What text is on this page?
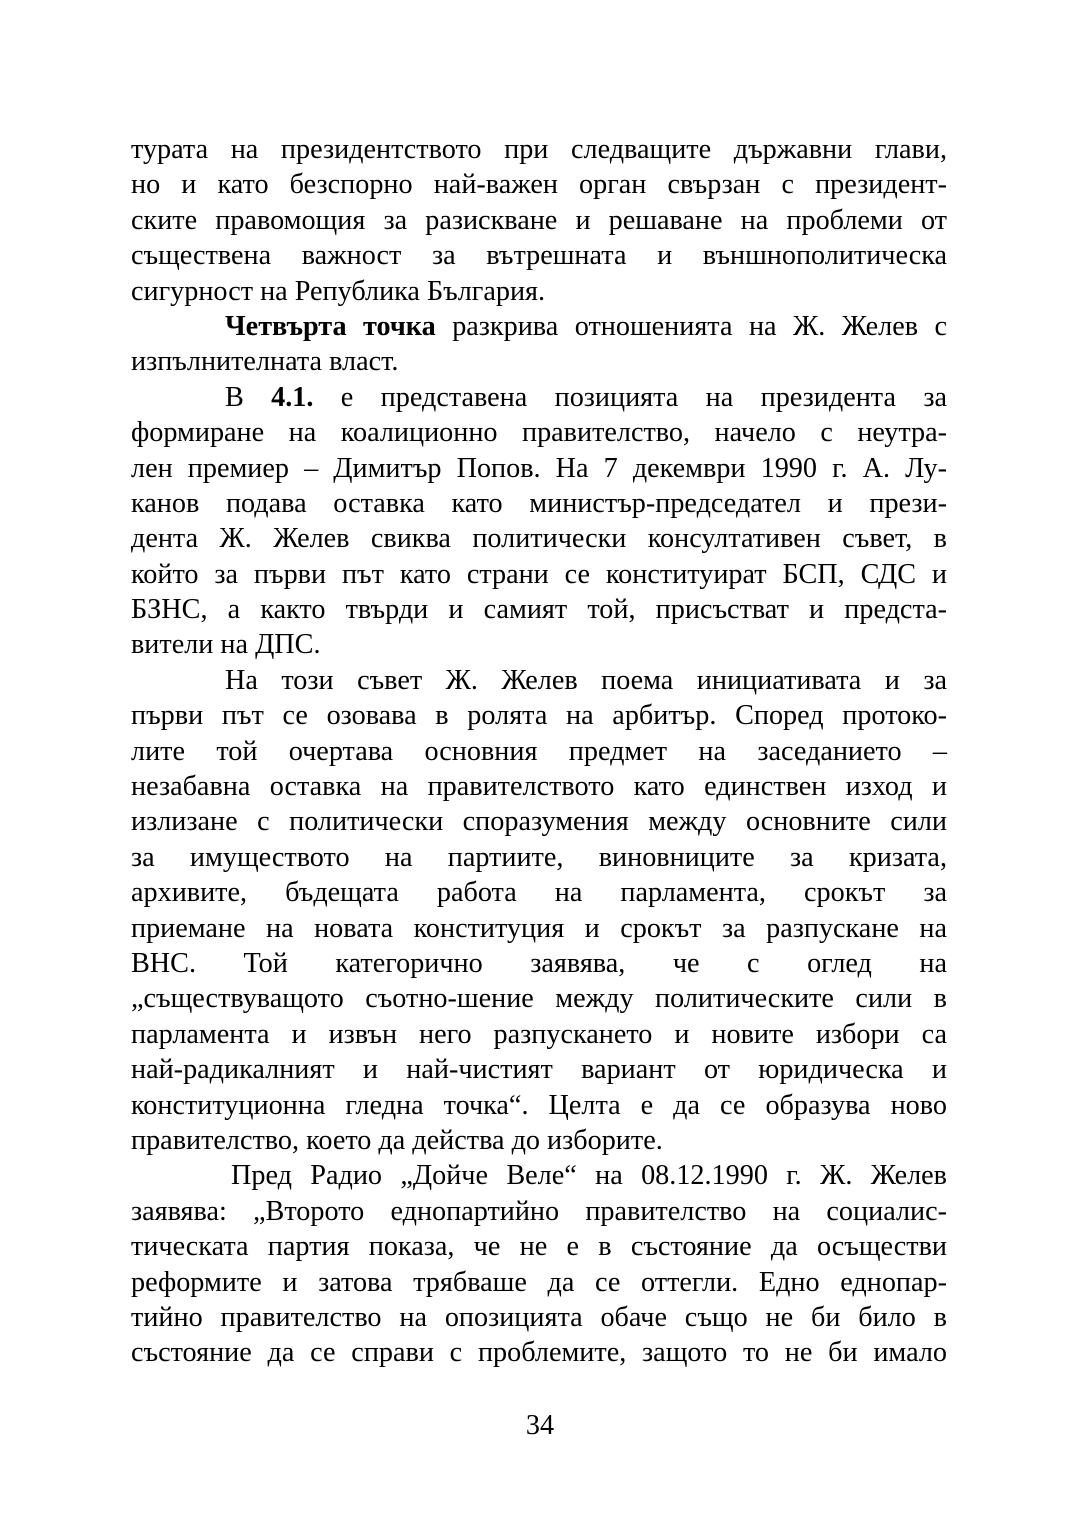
турата на президентството при следващите държавни глави,
но и като безспорно най-важен орган свързан с президент-
ските правомощия за разискване и решаване на проблеми от
съществена важност за вътрешната и външнополитическа
сигурност на Република България.
Четвърта точка разкрива отношенията на Ж. Желев с
изпълнителната власт.
В 4.1. е представена позицията на президента за
формиране на коалиционно правителство, начело с неутра-
лен премиер – Димитър Попов. На 7 декември 1990 г. А. Лу-
канов подава оставка като министър-председател и прези-
дента Ж. Желев свиква политически консултативен съвет, в
който за първи път като страни се конституират БСП, СДС и
БЗНС, а както твърди и самият той, присъстват и предста-
вители на ДПС.
На този съвет Ж. Желев поема инициативата и за
първи път се озовава в ролята на арбитър. Според протоко-
лите той очертава основния предмет на заседанието –
незабавна оставка на правителството като единствен изход и
излизане с политически споразумения между основните сили
за имуществото на партиите, виновниците за кризата,
архивите, бъдещата работа на парламента, срокът за
приемане на новата конституция и срокът за разпускане на
ВНС. Той категорично заявява, че с оглед на
„съществуващото съотно-шение между политическите сили в
парламента и извън него разпускането и новите избори са
най-радикалният и най-чистият вариант от юридическа и
конституционна гледна точка“. Целта е да се образува ново
правителство, което да действа до изборите.
Пред Радио „Дойче Веле“ на 08.12.1990 г. Ж. Желев
заявява: „Второто еднопартийно правителство на социалис-
тическата партия показа, че не е в състояние да осъществи
реформите и затова трябваше да се оттегли. Едно еднопар-
тийно правителство на опозицията обаче също не би било в
състояние да се справи с проблемите, защото то не би имало
34
